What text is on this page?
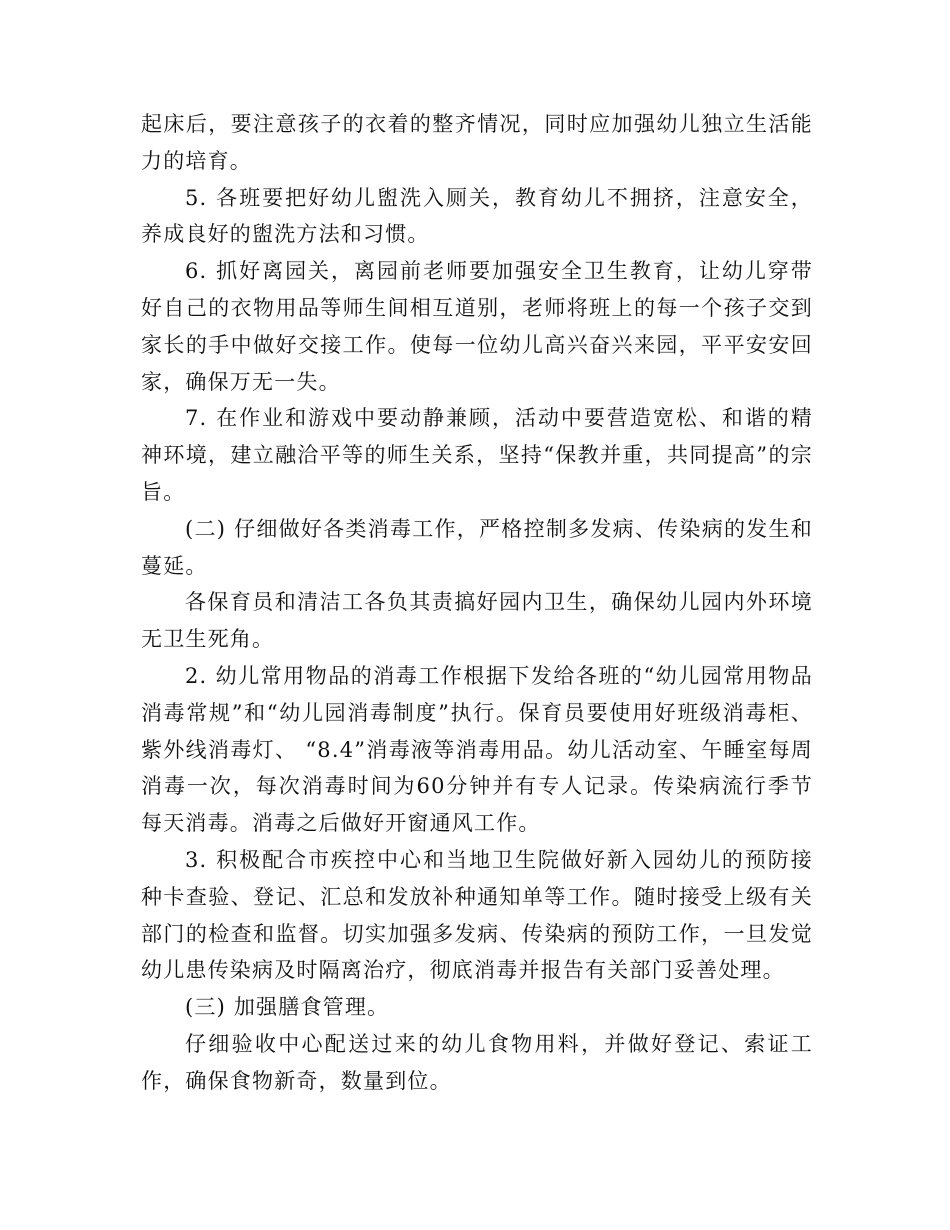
起床后，要注意孩子的衣着的整齐情况，同时应加强幼儿独立生活能力的培育。

5. 各班要把好幼儿盥洗入厕关，教育幼儿不拥挤，注意安全，养成良好的盥洗方法和习惯。

6. 抓好离园关，离园前老师要加强安全卫生教育，让幼儿穿带好自己的衣物用品等师生间相互道别，老师将班上的每一个孩子交到家长的手中做好交接工作。使每一位幼儿高兴奋兴来园，平平安安回家，确保万无一失。

7. 在作业和游戏中要动静兼顾，活动中要营造宽松、和谐的精神环境，建立融洽平等的师生关系，坚持“保教并重，共同提高”的宗旨。

(二) 仔细做好各类消毒工作，严格控制多发病、传染病的发生和蔓延。

各保育员和清洁工各负其责搞好园内卫生，确保幼儿园内外环境无卫生死角。

2. 幼儿常用物品的消毒工作根据下发给各班的“幼儿园常用物品消毒常规”和“幼儿园消毒制度”执行。保育员要使用好班级消毒柜、紫外线消毒灯、 “8.4”消毒液等消毒用品。幼儿活动室、午睡室每周消毒一次，每次消毒时间为60分钟并有专人记录。传染病流行季节每天消毒。消毒之后做好开窗通风工作。

3. 积极配合市疾控中心和当地卫生院做好新入园幼儿的预防接种卡查验、登记、汇总和发放补种通知单等工作。随时接受上级有关部门的检查和监督。切实加强多发病、传染病的预防工作，一旦发觉幼儿患传染病及时隔离治疗，彻底消毒并报告有关部门妥善处理。

(三) 加强膳食管理。

仔细验收中心配送过来的幼儿食物用料，并做好登记、索证工作，确保食物新奇，数量到位。
